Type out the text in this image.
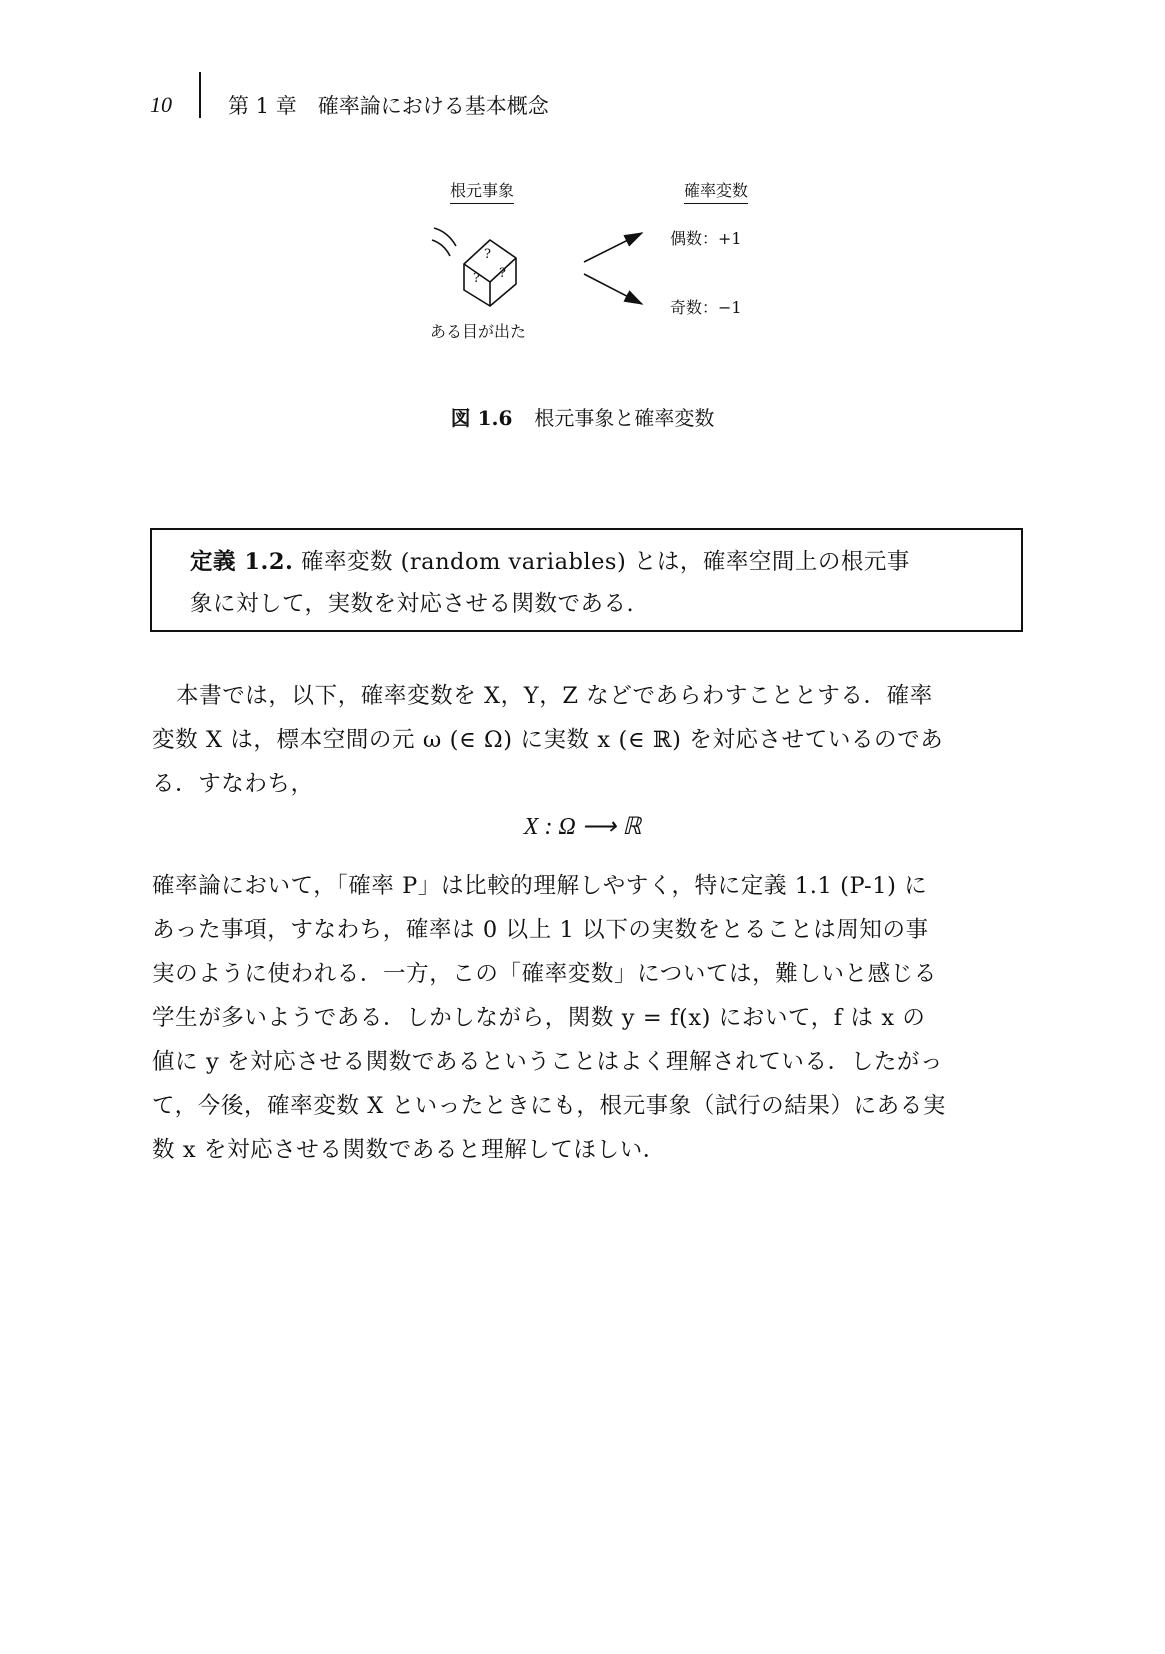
10	第 1 章　確率論における基本概念
根元事象	確率変数
?
? ?
ある目が出た
偶数：+1
奇数：−1
図 1.6 根元事象と確率変数
定義 1.2. 確率変数 (random variables) とは，確率空間上の根元事
象に対して，実数を対応させる関数である.
本書では，以下，確率変数を X，Y，Z などであらわすこととする．確率
変数 X は，標本空間の元 ω (∈ Ω) に実数 x (∈ ℝ) を対応させているのであ
る．すなわち，
X : Ω ⟶ ℝ
確率論において，「確率 P」は比較的理解しやすく，特に定義 1.1 (P-1) に
あった事項，すなわち，確率は 0 以上 1 以下の実数をとることは周知の事
実のように使われる．一方，この「確率変数」については，難しいと感じる
学生が多いようである．しかしながら，関数 y = f(x) において，f は x の
値に y を対応させる関数であるということはよく理解されている．したがっ
て，今後，確率変数 X といったときにも，根元事象（試行の結果）にある実
数 x を対応させる関数であると理解してほしい．
